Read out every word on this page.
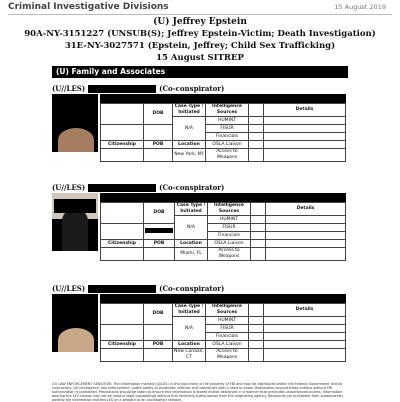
Criminal Investigative Divisions	15 August 2019
(U) Jeffrey Epstein
90A-NY-3151227 (UNSUB(S); Jeffrey Epstein-Victim; Death Investigation)
31E-NY-3027571 (Epstein, Jeffrey; Child Sex Trafficking)
15 August SITREP
(U) Family and Associates
(U//LES)	(Co-conspirator)
	DOB	Case Type / Initiated	Intelligence Sources		Details
		N/A	HUMINT		
			FISUR		
			Financials		
Citizenship	POB	Location	OSLA Liaison		
		New York, NY	Access to Weapons		
(U//LES)	(Co-conspirator)
	DOB	Case Type / Initiated	Intelligence Sources		Details
		N/A	HUMINT		
			FISUR		
			Financials		
Citizenship	POB	Location	OSLA Liaison		
		Miami, FL	Access to Weapons		
(U//LES)	(Co-conspirator)
	DOB	Case Type / Initiated	Intelligence Sources		Details
		N/A	HUMINT		
			FISUR		
			Financials		
Citizenship	POB	Location	OSLA Liaison		
		New Canaan, CT	Access to Weapons		
(U) LAW ENFORCEMENT SENSITIVE: The information marked (U//LES) in this document is the property of FBI and may be distributed within the Federal Government and its contractors, US intelligence, law enforcement, public safety or protection officials and individuals with a need to know. Distribution beyond these entities without FBI authorization is prohibited. Precautions should be taken to ensure this information is stored and/or destroyed in a manner that precludes unauthorized access. Information bearing the LES caveat may not be used in legal proceedings without first receiving authorization from the originating agency. Recipients are prohibited from subsequently posting the information marked LES on a website or an unclassified network.
